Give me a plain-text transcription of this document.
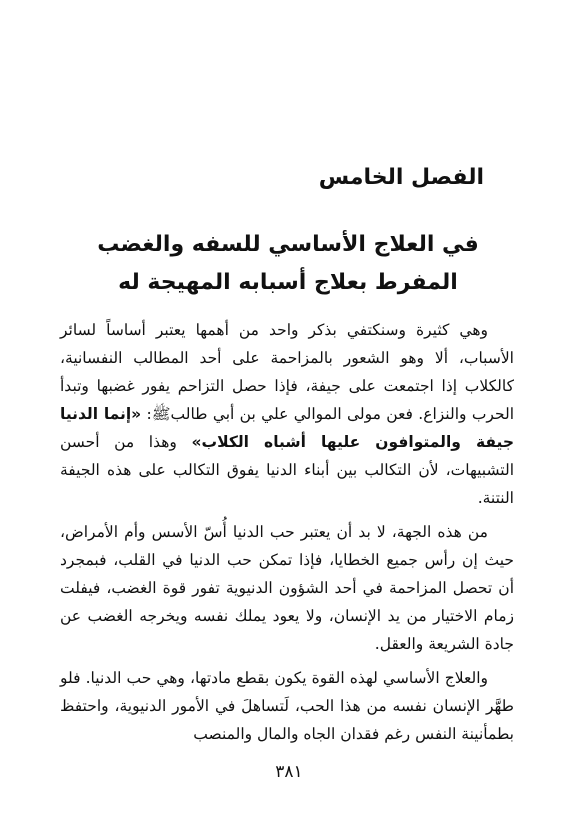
الفصل الخامس
في العلاج الأساسي للسفه والغضب المفرط بعلاج أسبابه المهيجة له

وهي كثيرة وسنكتفي بذكر واحد من أهمها يعتبر أساساً لسائر الأسباب، ألا وهو الشعور بالمزاحمة على أحد المطالب النفسانية، كالكلاب إذا اجتمعت على جيفة، فإذا حصل التزاحم يفور غضبها وتبدأ الحرب والنزاع. فعن مولى الموالي علي بن أبي طالبﷺ: «إنما الدنيا جيفة والمتوافون عليها أشباه الكلاب» وهذا من أحسن التشبيهات، لأن التكالب بين أبناء الدنيا يفوق التكالب على هذه الجيفة النتنة.

من هذه الجهة، لا بد أن يعتبر حب الدنيا أُسّ الأسس وأم الأمراض، حيث إن رأس جميع الخطايا، فإذا تمكن حب الدنيا في القلب، فبمجرد أن تحصل المزاحمة في أحد الشؤون الدنيوية تفور قوة الغضب، فيفلت زمام الاختيار من يد الإنسان، ولا يعود يملك نفسه ويخرجه الغضب عن جادة الشريعة والعقل.

والعلاج الأساسي لهذه القوة يكون بقطع مادتها، وهي حب الدنيا. فلو طهَّر الإنسان نفسه من هذا الحب، لَتساهلَ في الأمور الدنيوية، واحتفظ بطمأنينة النفس رغم فقدان الجاه والمال والمنصب

٣٨١
